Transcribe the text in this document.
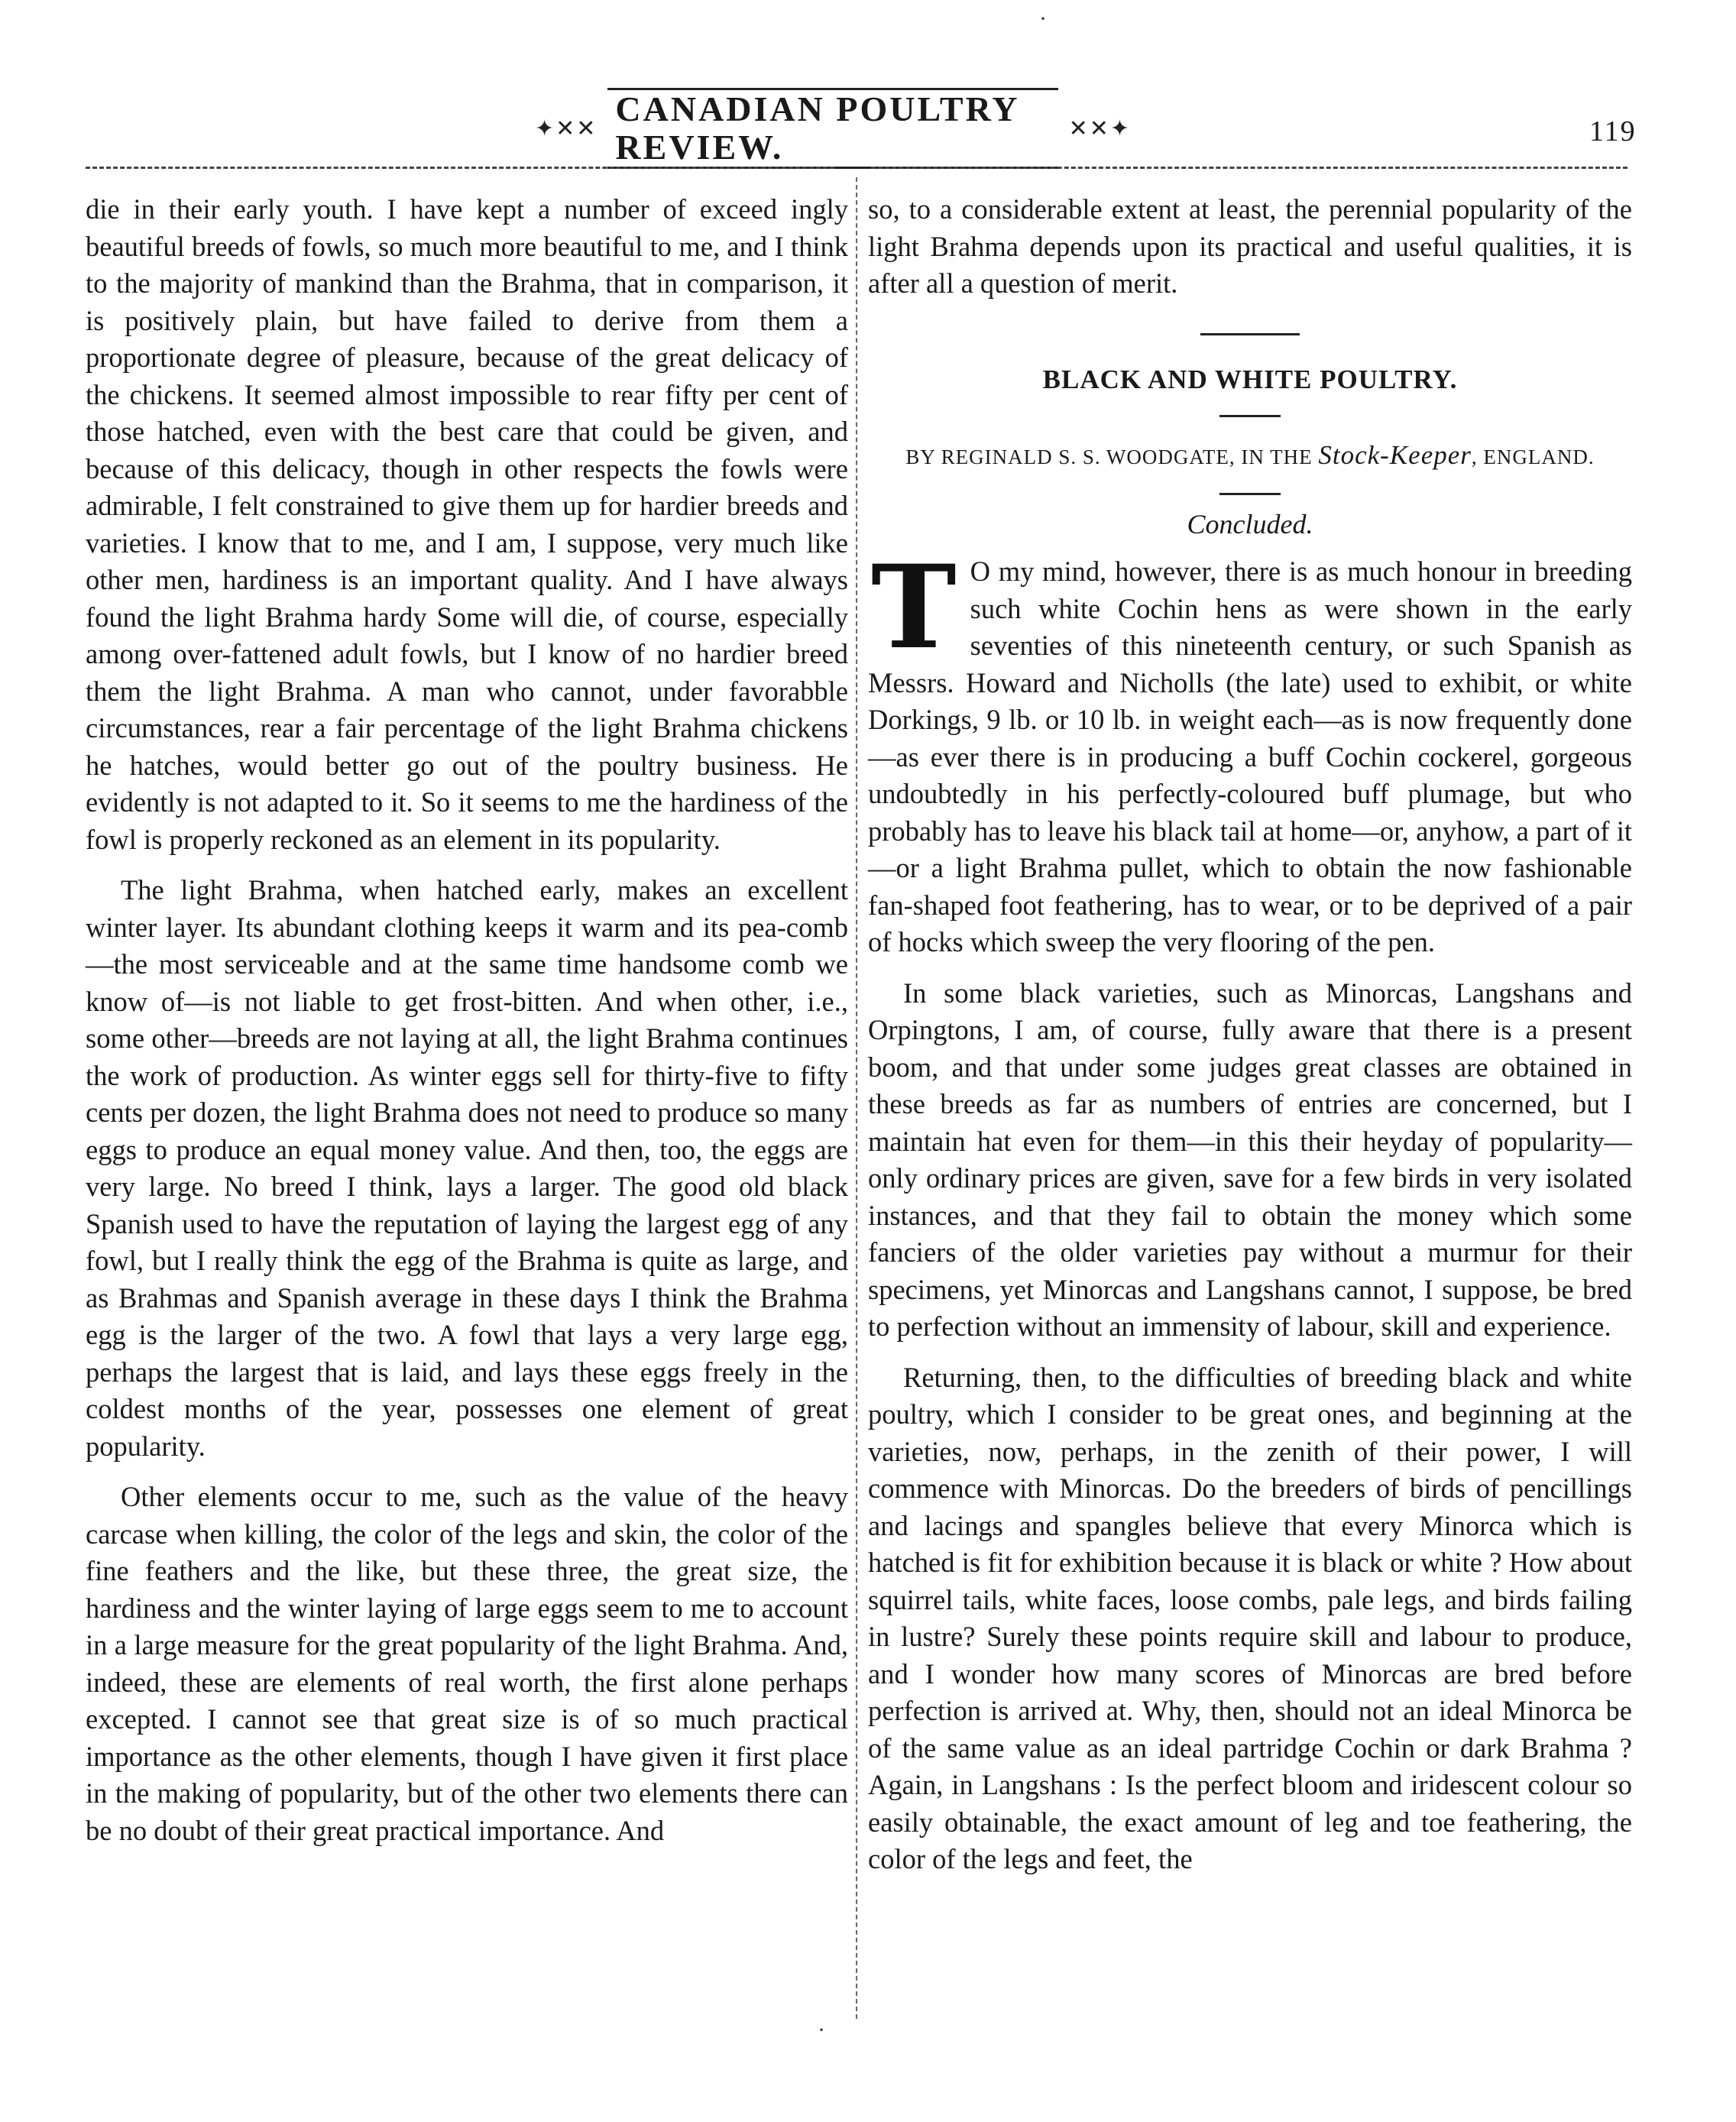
✦✕✕ CANADIAN POULTRY REVIEW.	✕✕✦	119

die in their early youth. I have kept a number of exceed ingly beautiful breeds of fowls, so much more beautiful to me, and I think to the majority of mankind than the Brahma, that in comparison, it is positively plain, but have failed to derive from them a proportionate degree of pleasure, because of the great delicacy of the chickens. It seemed almost impossible to rear fifty per cent of those hatched, even with the best care that could be given, and because of this delicacy, though in other respects the fowls were admirable, I felt constrained to give them up for hardier breeds and varieties. I know that to me, and I am, I suppose, very much like other men, hardiness is an important quality. And I have always found the light Brahma hardy Some will die, of course, especially among over-fattened adult fowls, but I know of no hardier breed them the light Brahma. A man who cannot, under favorabble circumstances, rear a fair percentage of the light Brahma chickens he hatches, would better go out of the poultry business. He evidently is not adapted to it. So it seems to me the hardiness of the fowl is properly reckoned as an element in its popularity.

The light Brahma, when hatched early, makes an excellent winter layer. Its abundant clothing keeps it warm and its pea-comb—the most serviceable and at the same time handsome comb we know of—is not liable to get frost-bitten. And when other, i.e., some other—breeds are not laying at all, the light Brahma continues the work of production. As winter eggs sell for thirty-five to fifty cents per dozen, the light Brahma does not need to produce so many eggs to produce an equal money value. And then, too, the eggs are very large. No breed I think, lays a larger. The good old black Spanish used to have the reputation of laying the largest egg of any fowl, but I really think the egg of the Brahma is quite as large, and as Brahmas and Spanish average in these days I think the Brahma egg is the larger of the two. A fowl that lays a very large egg, perhaps the largest that is laid, and lays these eggs freely in the coldest months of the year, possesses one element of great popularity.

Other elements occur to me, such as the value of the heavy carcase when killing, the color of the legs and skin, the color of the fine feathers and the like, but these three, the great size, the hardiness and the winter laying of large eggs seem to me to account in a large measure for the great popularity of the light Brahma. And, indeed, these are elements of real worth, the first alone perhaps excepted. I cannot see that great size is of so much practical importance as the other elements, though I have given it first place in the making of popularity, but of the other two elements there can be no doubt of their great practical importance. And

so, to a considerable extent at least, the perennial popularity of the light Brahma depends upon its practical and useful qualities, it is after all a question of merit.

BLACK AND WHITE POULTRY.
BY REGINALD S. S. WOODGATE, IN THE Stock-Keeper, ENGLAND.
Concluded.

T O my mind, however, there is as much honour in breeding such white Cochin hens as were shown in the early seventies of this nineteenth century, or such Spanish as Messrs. Howard and Nicholls (the late) used to exhibit, or white Dorkings, 9 lb. or 10 lb. in weight each—as is now frequently done—as ever there is in producing a buff Cochin cockerel, gorgeous undoubtedly in his perfectly-coloured buff plumage, but who probably has to leave his black tail at home—or, anyhow, a part of it—or a light Brahma pullet, which to obtain the now fashionable fan-shaped foot feathering, has to wear, or to be deprived of a pair of hocks which sweep the very flooring of the pen.

In some black varieties, such as Minorcas, Langshans and Orpingtons, I am, of course, fully aware that there is a present boom, and that under some judges great classes are obtained in these breeds as far as numbers of entries are concerned, but I maintain hat even for them—in this their heyday of popularity—only ordinary prices are given, save for a few birds in very isolated instances, and that they fail to obtain the money which some fanciers of the older varieties pay without a murmur for their specimens, yet Minorcas and Langshans cannot, I suppose, be bred to perfection without an immensity of labour, skill and experience.

Returning, then, to the difficulties of breeding black and white poultry, which I consider to be great ones, and beginning at the varieties, now, perhaps, in the zenith of their power, I will commence with Minorcas. Do the breeders of birds of pencillings and lacings and spangles believe that every Minorca which is hatched is fit for exhibition because it is black or white ? How about squirrel tails, white faces, loose combs, pale legs, and birds failing in lustre? Surely these points require skill and labour to produce, and I wonder how many scores of Minorcas are bred before perfection is arrived at. Why, then, should not an ideal Minorca be of the same value as an ideal partridge Cochin or dark Brahma ? Again, in Langshans : Is the perfect bloom and iridescent colour so easily obtainable, the exact amount of leg and toe feathering, the color of the legs and feet, the

·
·
